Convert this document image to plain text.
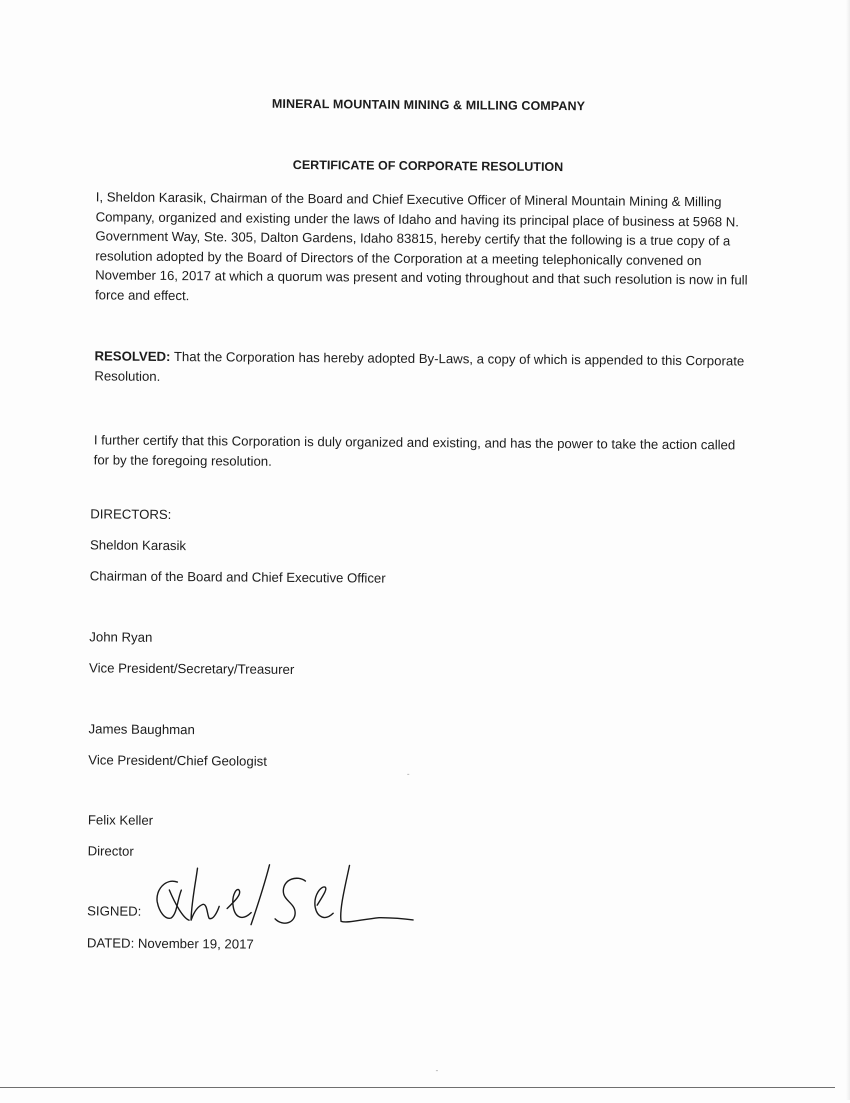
MINERAL MOUNTAIN MINING & MILLING COMPANY
CERTIFICATE OF CORPORATE RESOLUTION
I, Sheldon Karasik, Chairman of the Board and Chief Executive Officer of Mineral Mountain Mining & Milling Company, organized and existing under the laws of Idaho and having its principal place of business at 5968 N. Government Way, Ste. 305, Dalton Gardens, Idaho 83815, hereby certify that the following is a true copy of a resolution adopted by the Board of Directors of the Corporation at a meeting telephonically convened on November 16, 2017 at which a quorum was present and voting throughout and that such resolution is now in full force and effect.
RESOLVED: That the Corporation has hereby adopted By-Laws, a copy of which is appended to this Corporate Resolution.
I further certify that this Corporation is duly organized and existing, and has the power to take the action called for by the foregoing resolution.
DIRECTORS:
Sheldon Karasik
Chairman of the Board and Chief Executive Officer
John Ryan
Vice President/Secretary/Treasurer
James Baughman
Vice President/Chief Geologist
Felix Keller
Director
SIGNED:
DATED: November 19, 2017
